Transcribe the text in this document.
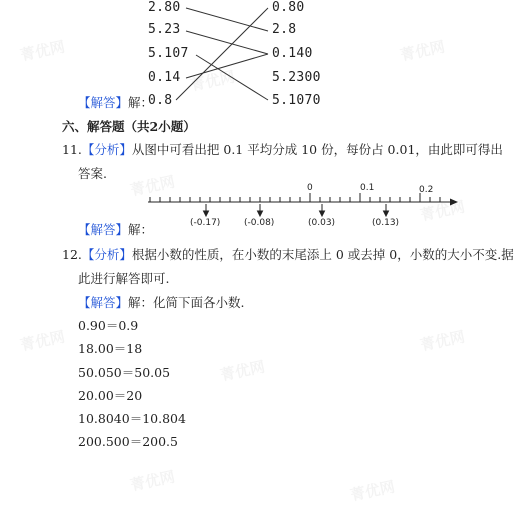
2.80
5.23
5.107
0.14
0.8
0.80
2.8
0.140
5.2300
5.1070
【解答】解：
六、解答题（共2小题）
11.【分析】从图中可看出把 0.1 平均分成 10 份，每份占 0.01，由此即可得出
答案.
0	0.1	0.2
(-0.17)	(-0.08)	(0.03)	(0.13)
【解答】解：
12.【分析】根据小数的性质，在小数的末尾添上 0 或去掉 0，小数的大小不变.据
此进行解答即可.
【解答】解：化简下面各小数.
0.90＝0.9
18.00＝18
50.050＝50.05
20.00＝20
10.8040＝10.804
200.500＝200.5
